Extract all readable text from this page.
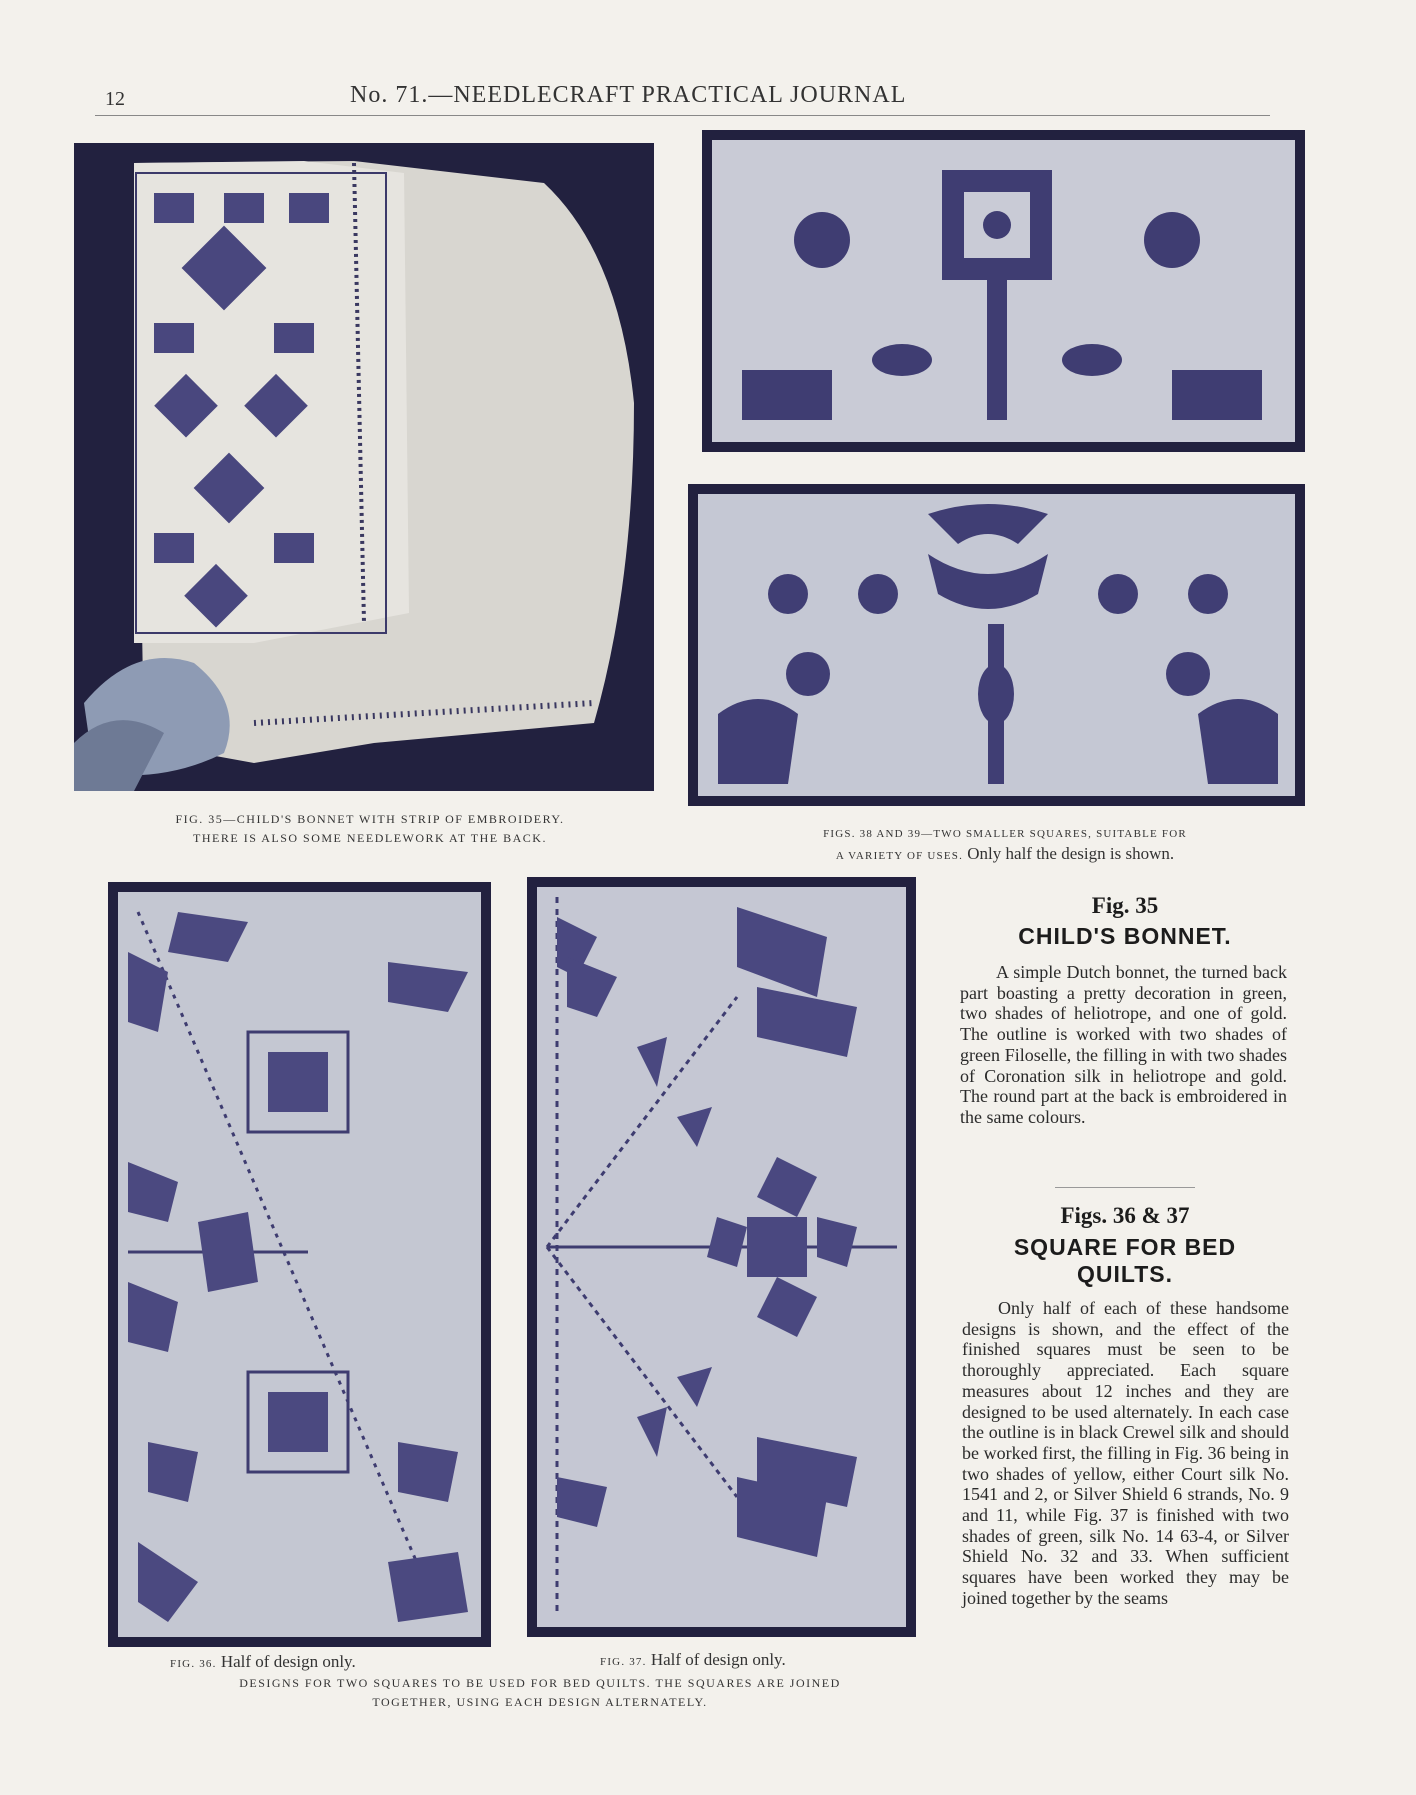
12	No. 71.—NEEDLECRAFT PRACTICAL JOURNAL
FIG. 35—CHILD'S BONNET WITH STRIP OF EMBROIDERY.
THERE IS ALSO SOME NEEDLEWORK AT THE BACK.	FIGS. 38 AND 39—TWO SMALLER SQUARES, SUITABLE FOR
A VARIETY OF USES. Only half the design is shown.
FIG. 36. Half of design only.	FIG. 37. Half of design only.
DESIGNS FOR TWO SQUARES TO BE USED FOR BED QUILTS. THE SQUARES ARE JOINED
TOGETHER, USING EACH DESIGN ALTERNATELY.
Fig. 35
CHILD'S BONNET.

A simple Dutch bonnet, the turned back part boasting a pretty decoration in green, two shades of heliotrope, and one of gold. The outline is worked with two shades of green Filoselle, the filling in with two shades of Coronation silk in heliotrope and gold. The round part at the back is embroidered in the same colours.

Figs. 36 & 37
SQUARE FOR BED
QUILTS.

Only half of each of these handsome designs is shown, and the effect of the finished squares must be seen to be thoroughly appreciated. Each square measures about 12 inches and they are designed to be used alternately. In each case the outline is in black Crewel silk and should be worked first, the filling in Fig. 36 being in two shades of yellow, either Court silk No. 1541 and 2, or Silver Shield 6 strands, No. 9 and 11, while Fig. 37 is finished with two shades of green, silk No. 14 63-4, or Silver Shield No. 32 and 33. When sufficient squares have been worked they may be joined together by the seams
